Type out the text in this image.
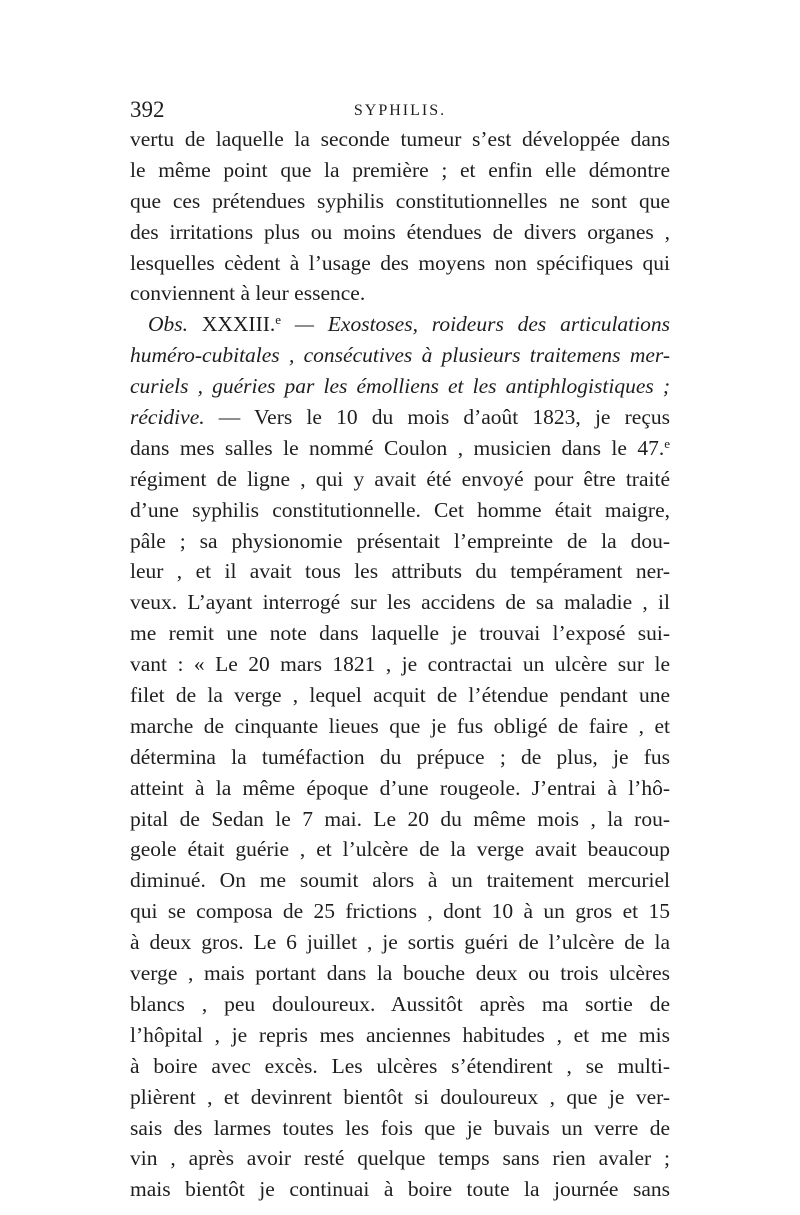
392	SYPHILIS.
vertu de laquelle la seconde tumeur s’est développée dans
le même point que la première ; et enfin elle démontre
que ces prétendues syphilis constitutionnelles ne sont que
des irritations plus ou moins étendues de divers organes ,
lesquelles cèdent à l’usage des moyens non spécifiques qui
conviennent à leur essence.
Obs. XXXIII.$^e$ — Exostoses, roideurs des articulations
huméro-cubitales , consécutives à plusieurs traitemens mer-
curiels , guéries par les émolliens et les antiphlogistiques ;
récidive. — Vers le 10 du mois d’août 1823, je reçus
dans mes salles le nommé Coulon , musicien dans le 47.$^e$
régiment de ligne , qui y avait été envoyé pour être traité
d’une syphilis constitutionnelle. Cet homme était maigre,
pâle ; sa physionomie présentait l’empreinte de la dou-
leur , et il avait tous les attributs du tempérament ner-
veux. L’ayant interrogé sur les accidens de sa maladie , il
me remit une note dans laquelle je trouvai l’exposé sui-
vant : « Le 20 mars 1821 , je contractai un ulcère sur le
filet de la verge , lequel acquit de l’étendue pendant une
marche de cinquante lieues que je fus obligé de faire , et
détermina la tuméfaction du prépuce ; de plus, je fus
atteint à la même époque d’une rougeole. J’entrai à l’hô-
pital de Sedan le 7 mai. Le 20 du même mois , la rou-
geole était guérie , et l’ulcère de la verge avait beaucoup
diminué. On me soumit alors à un traitement mercuriel
qui se composa de 25 frictions , dont 10 à un gros et 15
à deux gros. Le 6 juillet , je sortis guéri de l’ulcère de la
verge , mais portant dans la bouche deux ou trois ulcères
blancs , peu douloureux. Aussitôt après ma sortie de
l’hôpital , je repris mes anciennes habitudes , et me mis
à boire avec excès. Les ulcères s’étendirent , se multi-
plièrent , et devinrent bientôt si douloureux , que je ver-
sais des larmes toutes les fois que je buvais un verre de
vin , après avoir resté quelque temps sans rien avaler ;
mais bientôt je continuai à boire toute la journée sans
